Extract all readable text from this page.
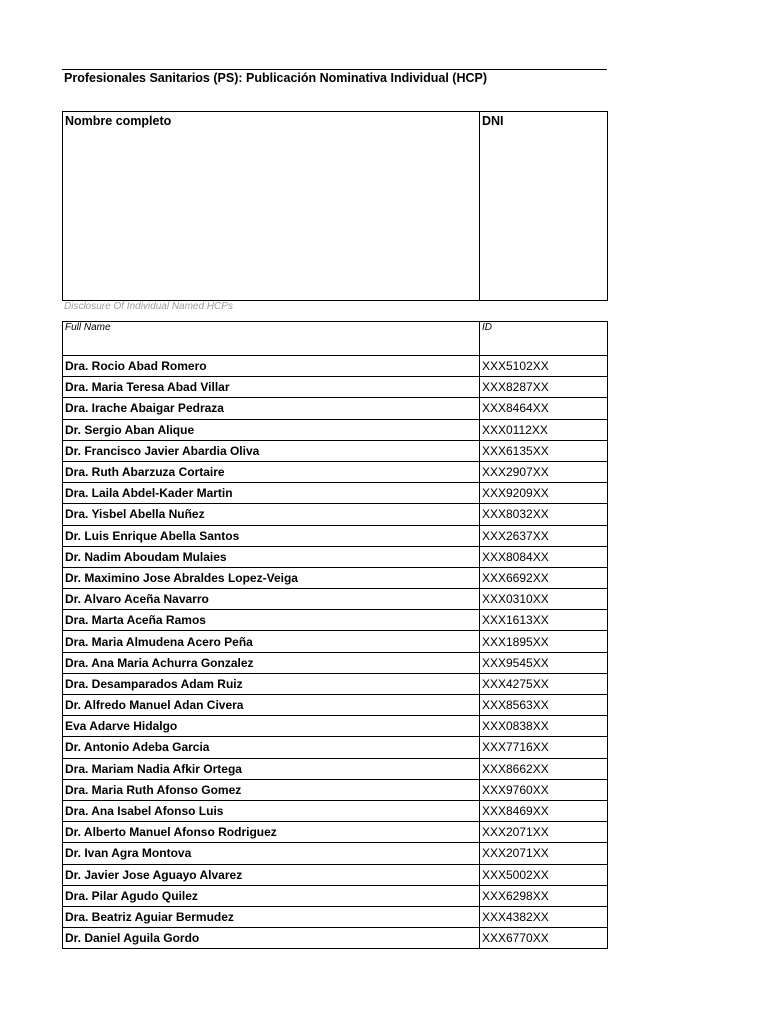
Profesionales Sanitarios (PS): Publicación Nominativa Individual (HCP)
Nombre completo	DNI
Disclosure Of Individual Named HCPs
Full Name	ID
Dra. Rocio Abad Romero	XXX5102XX
Dra. Maria Teresa Abad Villar	XXX8287XX
Dra. Irache Abaigar Pedraza	XXX8464XX
Dr. Sergio Aban Alique	XXX0112XX
Dr. Francisco Javier Abardia Oliva	XXX6135XX
Dra. Ruth Abarzuza Cortaire	XXX2907XX
Dra. Laila Abdel-Kader Martin	XXX9209XX
Dra. Yisbel Abella Nuñez	XXX8032XX
Dr. Luis Enrique Abella Santos	XXX2637XX
Dr. Nadim Aboudam Mulaies	XXX8084XX
Dr. Maximino Jose Abraldes Lopez-Veiga	XXX6692XX
Dr. Alvaro Aceña Navarro	XXX0310XX
Dra. Marta Aceña Ramos	XXX1613XX
Dra. Maria Almudena Acero Peña	XXX1895XX
Dra. Ana Maria Achurra Gonzalez	XXX9545XX
Dra. Desamparados Adam Ruiz	XXX4275XX
Dr. Alfredo Manuel Adan Civera	XXX8563XX
Eva Adarve Hidalgo	XXX0838XX
Dr. Antonio Adeba Garcia	XXX7716XX
Dra. Mariam Nadia Afkir Ortega	XXX8662XX
Dra. Maria Ruth Afonso Gomez	XXX9760XX
Dra. Ana Isabel Afonso Luis	XXX8469XX
Dr. Alberto Manuel Afonso Rodriguez	XXX2071XX
Dr. Ivan Agra Montova	XXX2071XX
Dr. Javier Jose Aguayo Alvarez	XXX5002XX
Dra. Pilar Agudo Quilez	XXX6298XX
Dra. Beatriz Aguiar Bermudez	XXX4382XX
Dr. Daniel Aguila Gordo	XXX6770XX
